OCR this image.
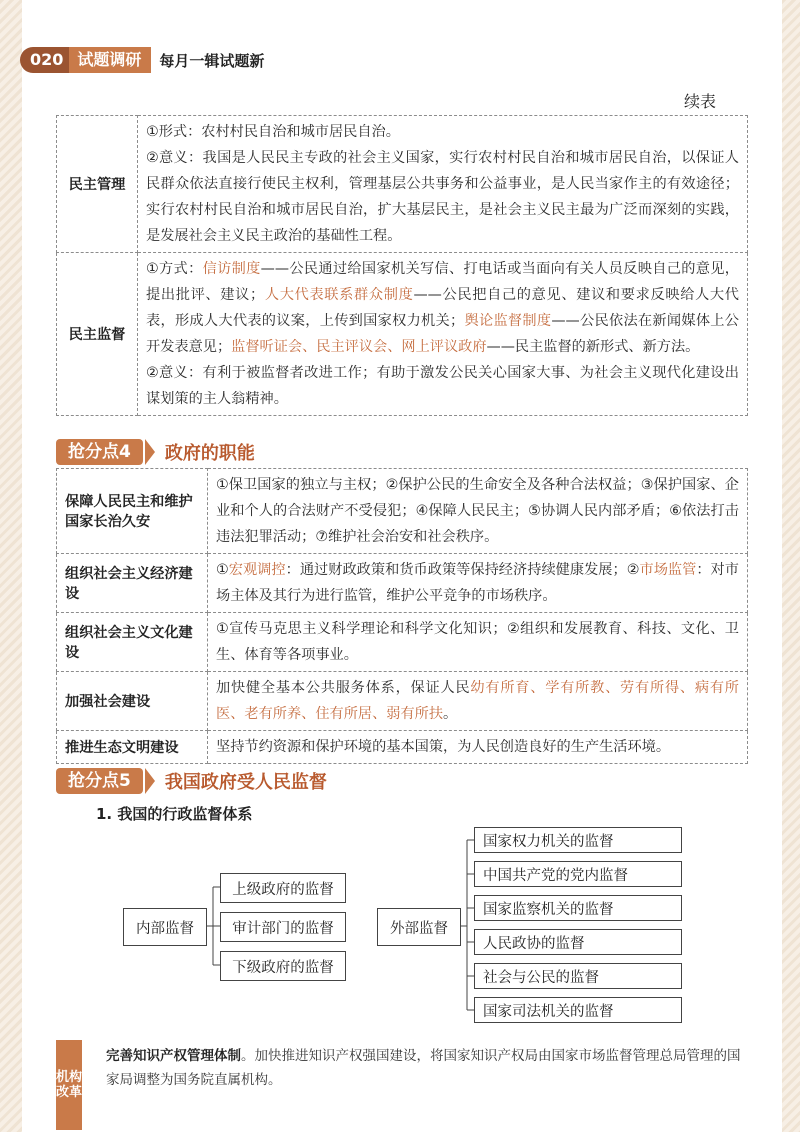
020 试题调研	每月一辑试题新
续表
民主管理	①形式：农村村民自治和城市居民自治。
②意义：我国是人民民主专政的社会主义国家，实行农村村民自治和城市居民自治，以保证人民群众依法直接行使民主权利，管理基层公共事务和公益事业，是人民当家作主的有效途径；实行农村村民自治和城市居民自治，扩大基层民主，是社会主义民主最为广泛而深刻的实践，是发展社会主义民主政治的基础性工程。
民主监督	①方式：信访制度——公民通过给国家机关写信、打电话或当面向有关人员反映自己的意见，提出批评、建议；人大代表联系群众制度——公民把自己的意见、建议和要求反映给人大代表，形成人大代表的议案，上传到国家权力机关；舆论监督制度——公民依法在新闻媒体上公开发表意见；监督听证会、民主评议会、网上评议政府——民主监督的新形式、新方法。
②意义：有利于被监督者改进工作；有助于激发公民关心国家大事、为社会主义现代化建设出谋划策的主人翁精神。
抢分点4	政府的职能
保障人民民主和维护国家长治久安	①保卫国家的独立与主权；②保护公民的生命安全及各种合法权益；③保护国家、企业和个人的合法财产不受侵犯；④保障人民民主；⑤协调人民内部矛盾；⑥依法打击违法犯罪活动；⑦维护社会治安和社会秩序。
组织社会主义经济建设	①宏观调控：通过财政政策和货币政策等保持经济持续健康发展；②市场监管：对市场主体及其行为进行监管，维护公平竞争的市场秩序。
组织社会主义文化建设	①宣传马克思主义科学理论和科学文化知识；②组织和发展教育、科技、文化、卫生、体育等各项事业。
加强社会建设	加快健全基本公共服务体系，保证人民幼有所育、学有所教、劳有所得、病有所医、老有所养、住有所居、弱有所扶。
推进生态文明建设	坚持节约资源和保护环境的基本国策，为人民创造良好的生产生活环境。
抢分点5	我国政府受人民监督
1. 我国的行政监督体系
内部监督
上级政府的监督
审计部门的监督
下级政府的监督
外部监督
国家权力机关的监督
中国共产党的党内监督
国家监察机关的监督
人民政协的监督
社会与公民的监督
国家司法机关的监督
机构改革
完善知识产权管理体制。加快推进知识产权强国建设，将国家知识产权局由国家市场监督管理总局管理的国家局调整为国务院直属机构。
